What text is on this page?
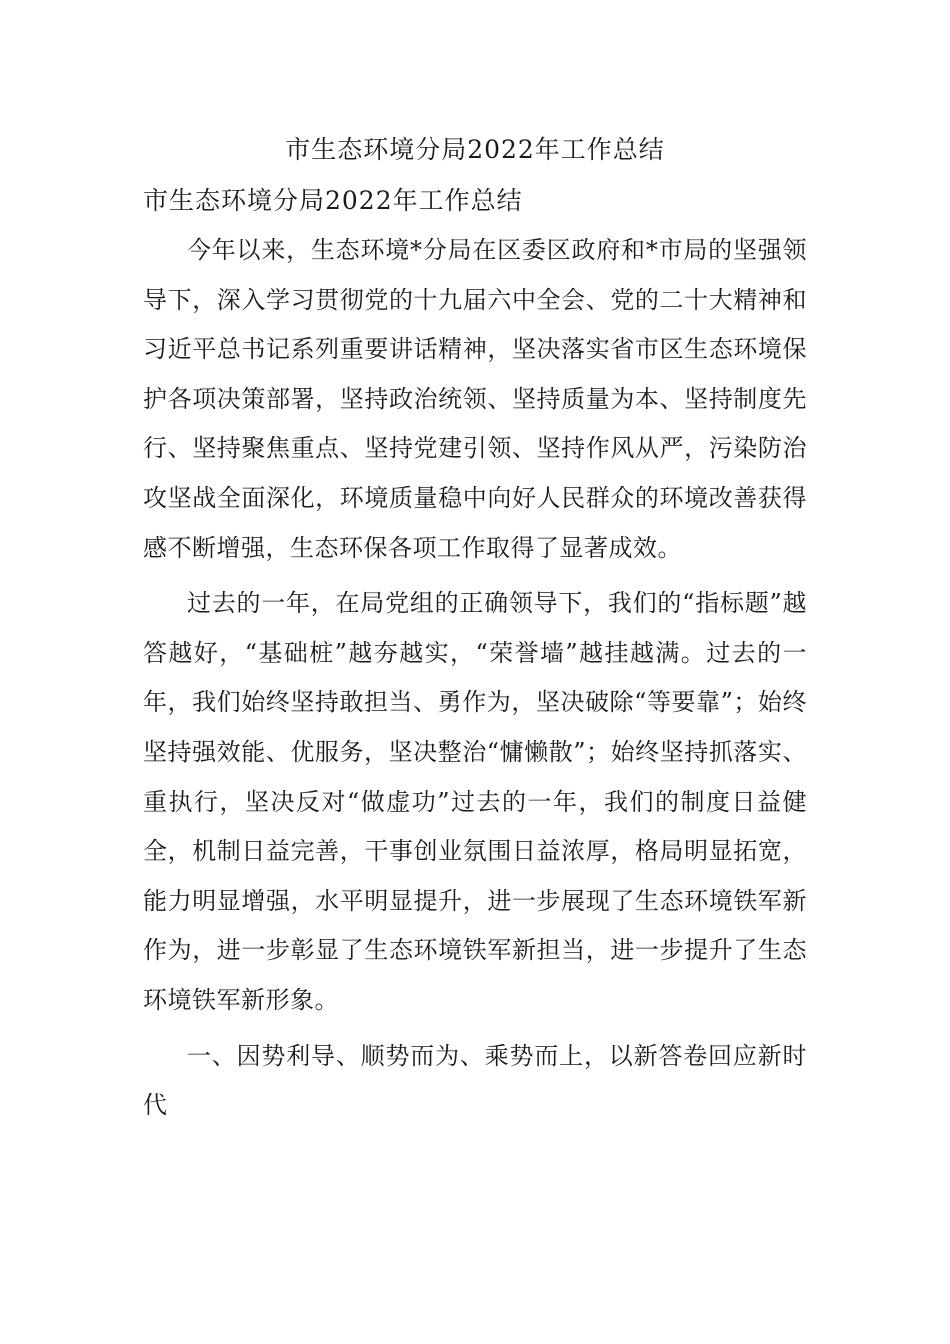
市生态环境分局2022年工作总结
市生态环境分局2022年工作总结

今年以来，生态环境*分局在区委区政府和*市局的坚强领导下，深入学习贯彻党的十九届六中全会、党的二十大精神和习近平总书记系列重要讲话精神，坚决落实省市区生态环境保护各项决策部署，坚持政治统领、坚持质量为本、坚持制度先行、坚持聚焦重点、坚持党建引领、坚持作风从严，污染防治攻坚战全面深化，环境质量稳中向好人民群众的环境改善获得感不断增强，生态环保各项工作取得了显著成效。

过去的一年，在局党组的正确领导下，我们的“指标题”越答越好，“基础桩”越夯越实，“荣誉墙”越挂越满。过去的一年，我们始终坚持敢担当、勇作为，坚决破除“等要靠”；始终坚持强效能、优服务，坚决整治“慵懒散”；始终坚持抓落实、重执行，坚决反对“做虚功”过去的一年，我们的制度日益健全，机制日益完善，干事创业氛围日益浓厚，格局明显拓宽，能力明显增强，水平明显提升，进一步展现了生态环境铁军新作为，进一步彰显了生态环境铁军新担当，进一步提升了生态环境铁军新形象。

一、因势利导、顺势而为、乘势而上，以新答卷回应新时代
